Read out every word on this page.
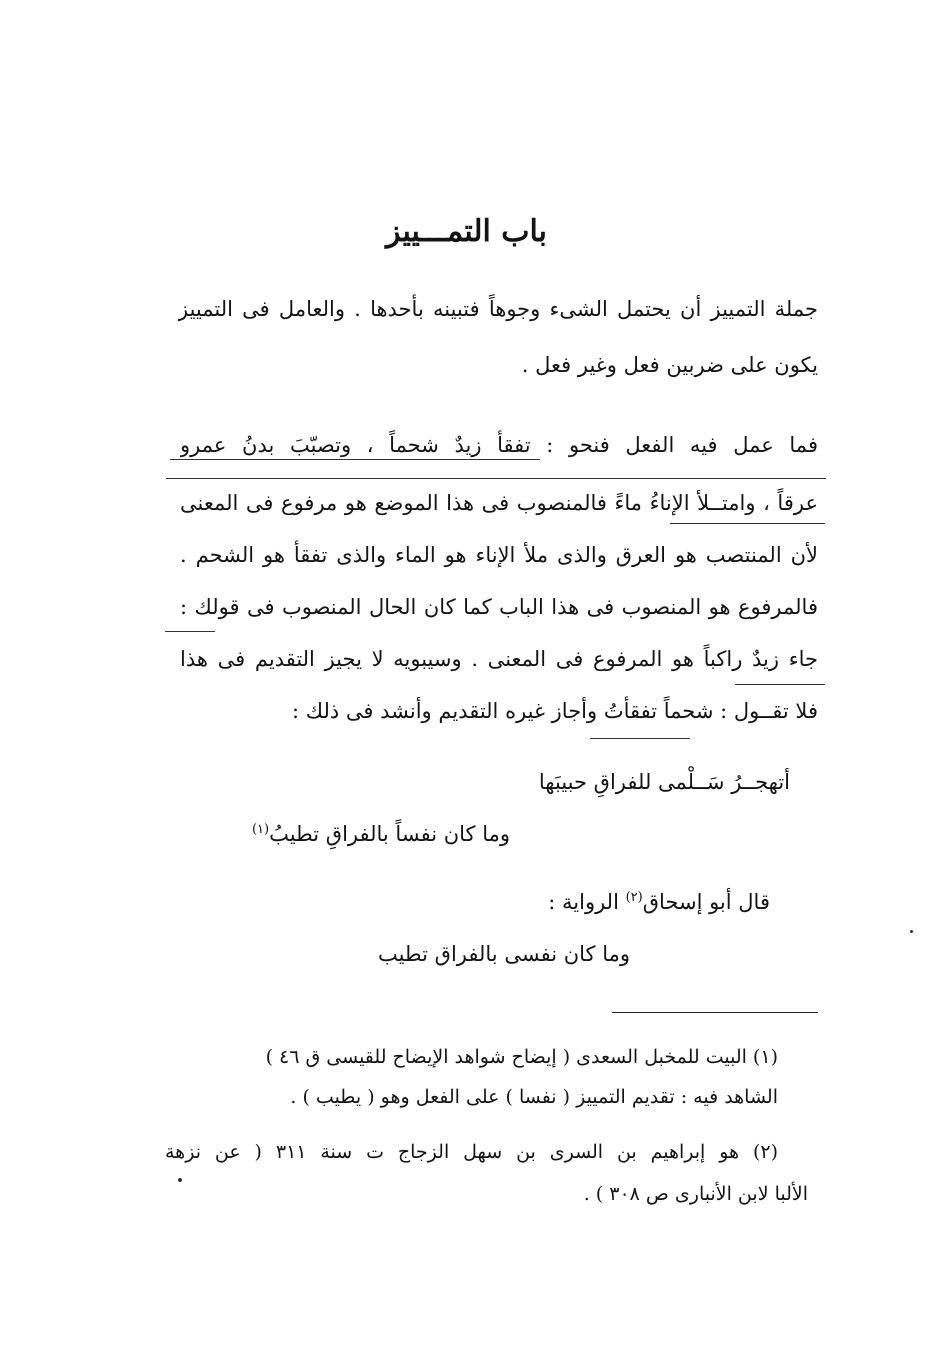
باب التمـــييز
جملة التمييز أن يحتمل الشىء وجوهاً فتبينه بأحدها . والعامل فى التمييز
يكون على ضربين فعل وغير فعل .
فما عمل فيه الفعل فنحو : تفقأً زيدٌ شحماً ، وتصبّبَ بدنُ عمرو
عرقاً ، وامتــلأ الإناءُ ماءً فالمنصوب فى هذا الموضع هو مرفوع فى المعنى
لأن المنتصب هو العرق والذى ملأ الإناء هو الماء والذى تفقأ هو الشحم .
فالمرفوع هو المنصوب فى هذا الباب كما كان الحال المنصوب فى قولك :
جاء زيدٌ راكباً هو المرفوع فى المعنى . وسيبويه لا يجيز التقديم فى هذا
فلا تقــول : شحماً تفقأتُ وأجاز غيره التقديم وأنشد فى ذلك :
أتهجــرُ سَــلْمى للفراقِ حبيبَها
وما كان نفساً بالفراقِ تطيبُ$^{(١)}$
قال أبو إسحاق$^{(٢)}$ الرواية :
وما كان نفسى بالفراق تطيب
(١) البيت للمخبل السعدى ( إيضاح شواهد الإيضاح للقيسى ق ٤٦ )
الشاهد فيه : تقديم التمييز ( نفسا ) على الفعل وهو ( يطيب ) .
(٢) هو إبراهيم بن السرى بن سهل الزجاج ت سنة ٣١١ ( عن نزهة
الألبا لابن الأنبارى ص ٣٠٨ ) .
